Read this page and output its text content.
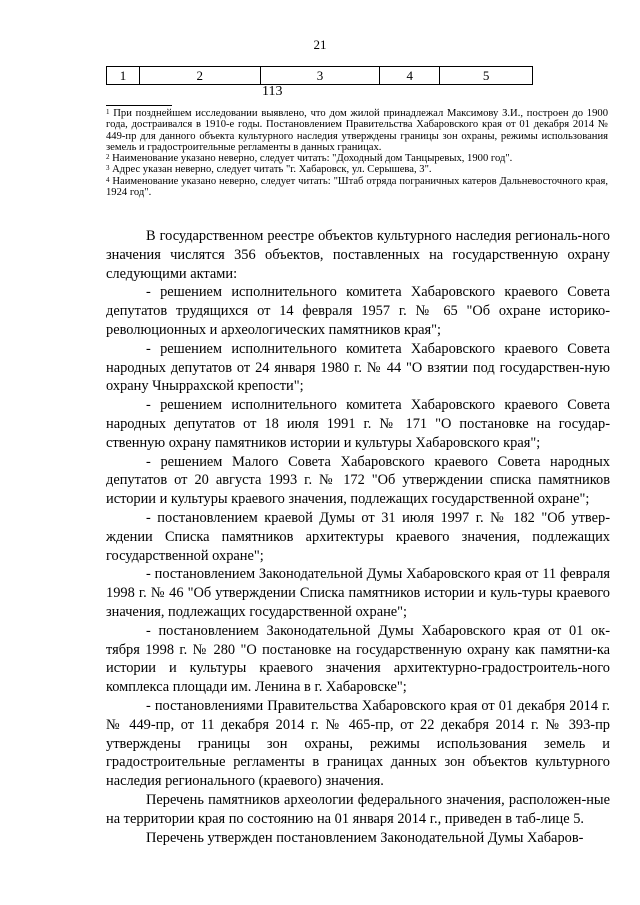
21
1	2	3	4	5
113

$^1$ При позднейшем исследовании выявлено, что дом жилой принадлежал Максимову З.И., построен до 1900 года, достраивался в 1910-е годы. Постановлением Правительства Хабаровского края от 01 декабря 2014 № 449-пр для данного объекта культурного наследия утверждены границы зон охраны, режимы использования земель и градостроительные регламенты в данных границах.

$^2$ Наименование указано неверно, следует читать: "Доходный дом Танцыревых, 1900 год".

$^3$ Адрес указан неверно, следует читать "г. Хабаровск, ул. Серышева, 3".

$^4$ Наименование указано неверно, следует читать: "Штаб отряда пограничных катеров Дальневосточного края, 1924 год".

В государственном реестре объектов культурного наследия региональ-ного значения числятся 356 объектов, поставленных на государственную охрану следующими актами:

- решением исполнительного комитета Хабаровского краевого Совета депутатов трудящихся от 14 февраля 1957 г. № 65 "Об охране историко-революционных и археологических памятников края";

- решением исполнительного комитета Хабаровского краевого Совета народных депутатов от 24 января 1980 г. № 44 "О взятии под государствен-ную охрану Чныррахской крепости";

- решением исполнительного комитета Хабаровского краевого Совета народных депутатов от 18 июля 1991 г. № 171 "О постановке на государ-ственную охрану памятников истории и культуры Хабаровского края";

- решением Малого Совета Хабаровского краевого Совета народных депутатов от 20 августа 1993 г. № 172 "Об утверждении списка памятников истории и культуры краевого значения, подлежащих государственной охране";

- постановлением краевой Думы от 31 июля 1997 г. № 182 "Об утвер-ждении Списка памятников архитектуры краевого значения, подлежащих государственной охране";

- постановлением Законодательной Думы Хабаровского края от 11 февраля 1998 г. № 46 "Об утверждении Списка памятников истории и куль-туры краевого значения, подлежащих государственной охране";

- постановлением Законодательной Думы Хабаровского края от 01 ок-тября 1998 г. № 280 "О постановке на государственную охрану как памятни-ка истории и культуры краевого значения архитектурно-градостроитель-ного комплекса площади им. Ленина в г. Хабаровске";

- постановлениями Правительства Хабаровского края от 01 декабря 2014 г. № 449-пр, от 11 декабря 2014 г. № 465-пр, от 22 декабря 2014 г. № 393-пр утверждены границы зон охраны, режимы использования земель и градостроительные регламенты в границах данных зон объектов культурного наследия регионального (краевого) значения.

Перечень памятников археологии федерального значения, расположен-ные на территории края по состоянию на 01 января 2014 г., приведен в таб-лице 5.

Перечень утвержден постановлением Законодательной Думы Хабаров-
